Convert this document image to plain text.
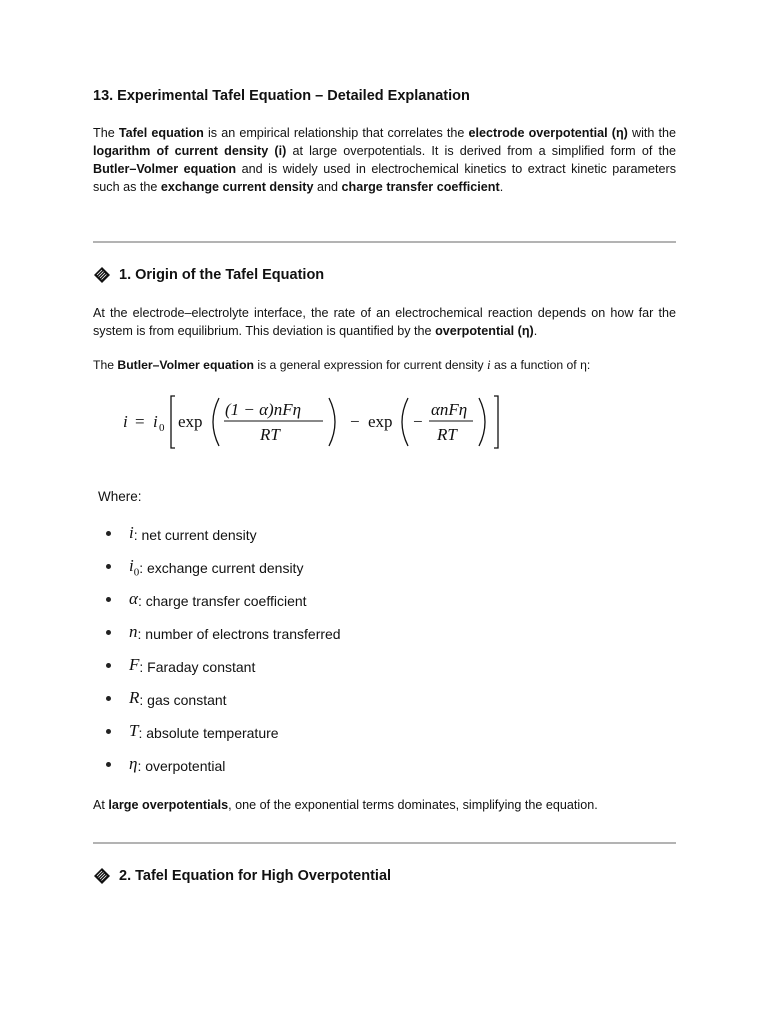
13. Experimental Tafel Equation – Detailed Explanation
The Tafel equation is an empirical relationship that correlates the electrode overpotential (η) with the logarithm of current density (i) at large overpotentials. It is derived from a simplified form of the Butler–Volmer equation and is widely used in electrochemical kinetics to extract kinetic parameters such as the exchange current density and charge transfer coefficient.
1. Origin of the Tafel Equation
At the electrode–electrolyte interface, the rate of an electrochemical reaction depends on how far the system is from equilibrium. This deviation is quantified by the overpotential (η).
The Butler–Volmer equation is a general expression for current density i as a function of η:
i = i 0 exp
(1 − α)nFη
RT
− exp −
αnFη
RT
Where:
i : net current density
$i_0$ : exchange current density
α : charge transfer coefficient
n : number of electrons transferred
F : Faraday constant
R : gas constant
T : absolute temperature
η : overpotential
At large overpotentials, one of the exponential terms dominates, simplifying the equation.
2. Tafel Equation for High Overpotential
